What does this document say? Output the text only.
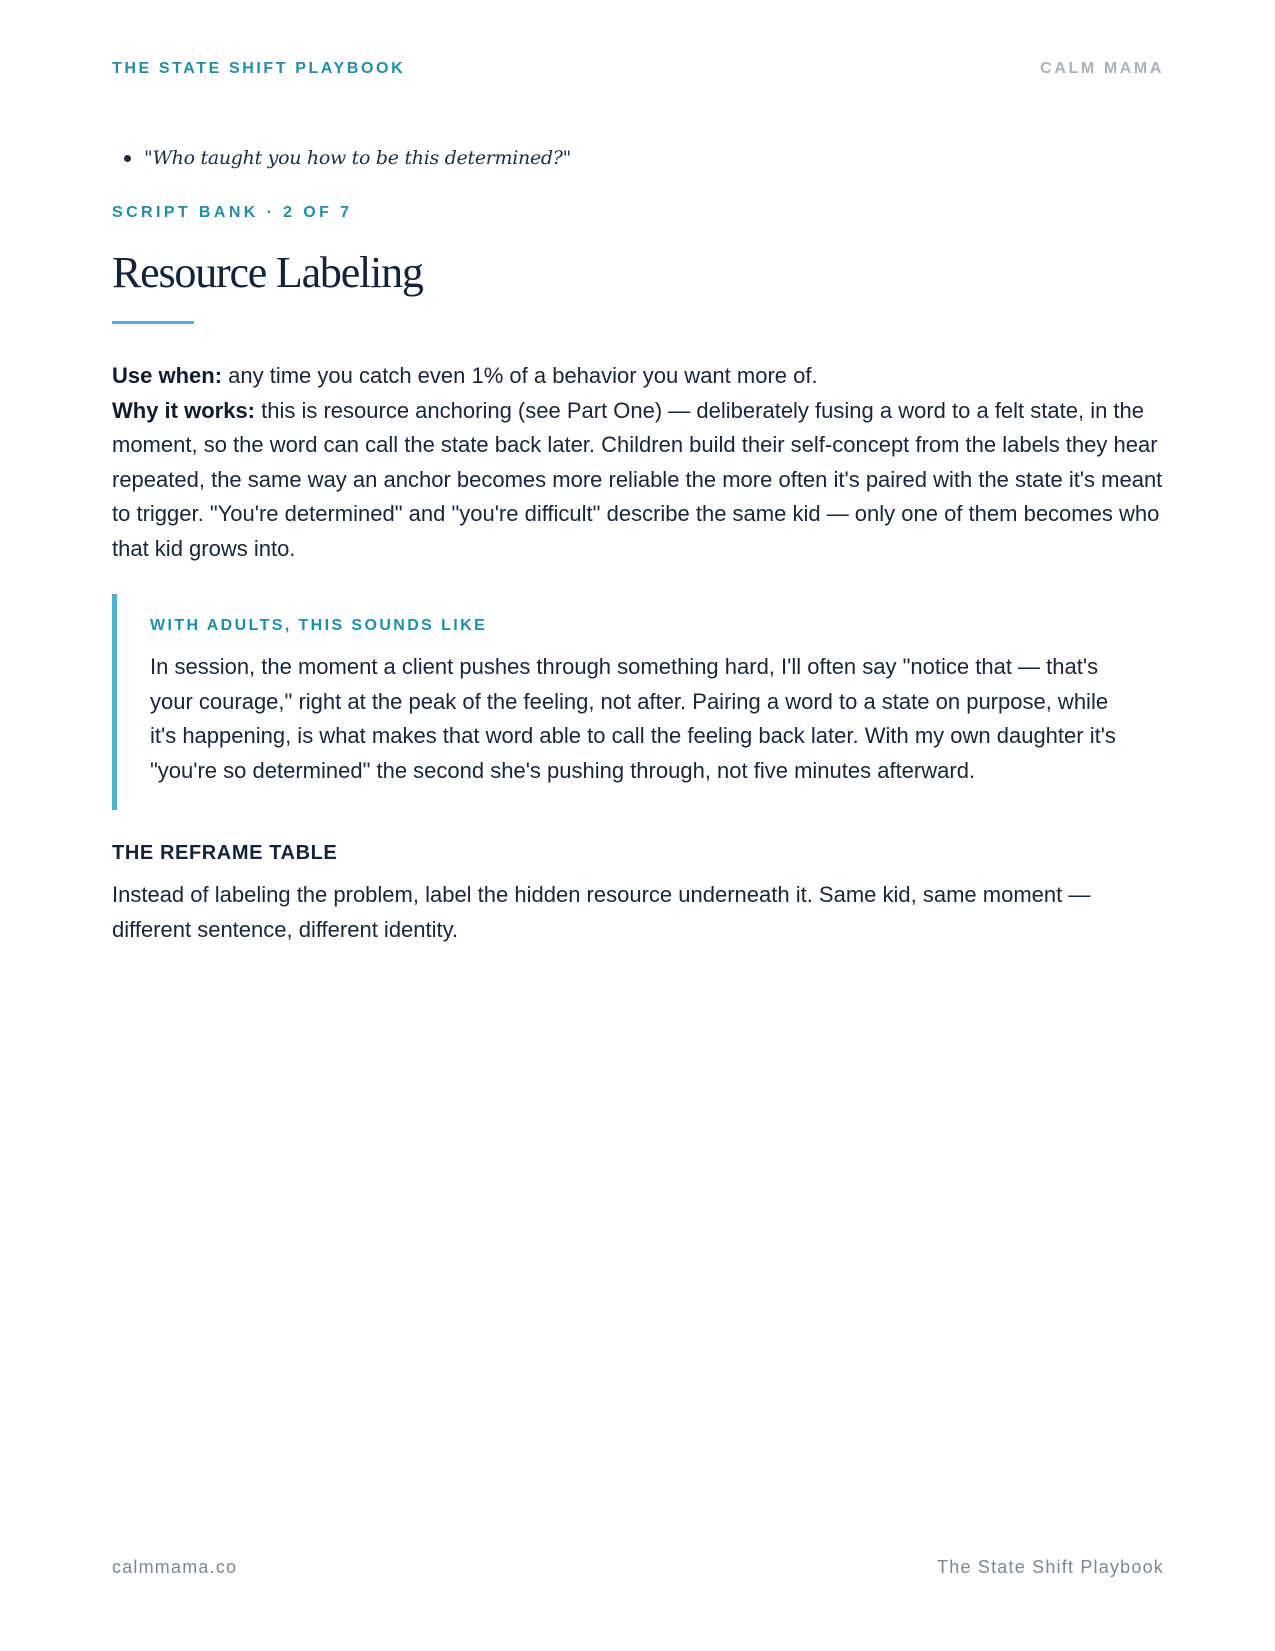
THE STATE SHIFT PLAYBOOK	CALM MAMA
"Who taught you how to be this determined?"
SCRIPT BANK · 2 OF 7
Resource Labeling

Use when: any time you catch even 1% of a behavior you want more of.

Why it works: this is resource anchoring (see Part One) — deliberately fusing a word to a felt state, in the moment, so the word can call the state back later. Children build their self-concept from the labels they hear repeated, the same way an anchor becomes more reliable the more often it's paired with the state it's meant to trigger. "You're determined" and "you're difficult" describe the same kid — only one of them becomes who that kid grows into.

WITH ADULTS, THIS SOUNDS LIKE
In session, the moment a client pushes through something hard, I'll often say "notice that — that's your courage," right at the peak of the feeling, not after. Pairing a word to a state on purpose, while it's happening, is what makes that word able to call the feeling back later. With my own daughter it's "you're so determined" the second she's pushing through, not five minutes afterward.
THE REFRAME TABLE
Instead of labeling the problem, label the hidden resource underneath it. Same kid, same moment — different sentence, different identity.
calmmama.co	The State Shift Playbook
